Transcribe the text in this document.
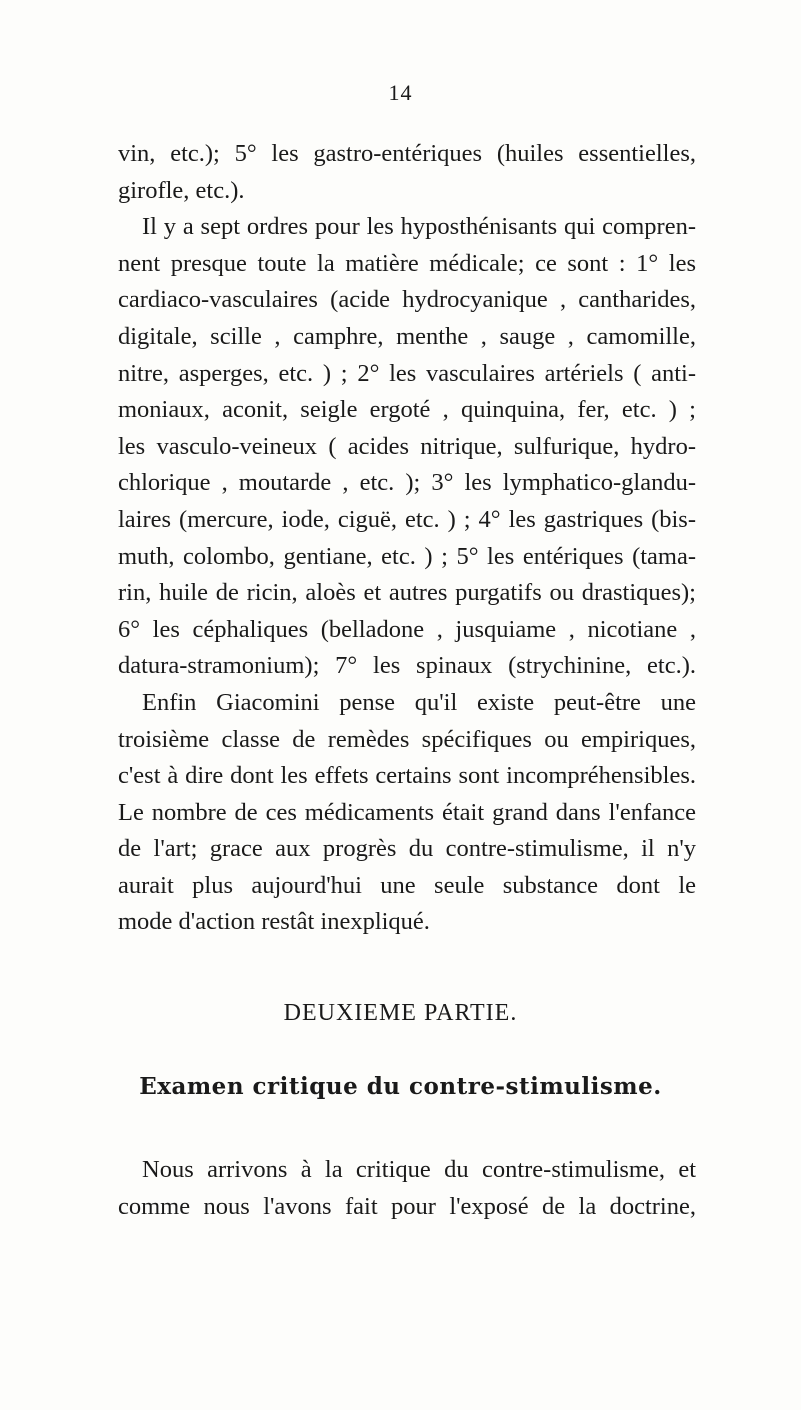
14
vin, etc.); 5° les gastro-entériques (huiles essentielles,
girofle, etc.).
Il y a sept ordres pour les hyposthénisants qui compren-
nent presque toute la matière médicale; ce sont : 1° les
cardiaco-vasculaires (acide hydrocyanique , cantharides,
digitale, scille , camphre, menthe , sauge , camomille,
nitre, asperges, etc. ) ; 2° les vasculaires artériels ( anti-
moniaux, aconit, seigle ergoté , quinquina, fer, etc. ) ;
les vasculo-veineux ( acides nitrique, sulfurique, hydro-
chlorique , moutarde , etc. ); 3° les lymphatico-glandu-
laires (mercure, iode, ciguë, etc. ) ; 4° les gastriques (bis-
muth, colombo, gentiane, etc. ) ; 5° les entériques (tama-
rin, huile de ricin, aloès et autres purgatifs ou drastiques);
6° les céphaliques (belladone , jusquiame , nicotiane ,
datura-stramonium); 7° les spinaux (strychinine, etc.).
Enfin Giacomini pense qu'il existe peut-être une
troisième classe de remèdes spécifiques ou empiriques,
c'est à dire dont les effets certains sont incompréhensibles.
Le nombre de ces médicaments était grand dans l'enfance
de l'art; grace aux progrès du contre-stimulisme, il n'y
aurait plus aujourd'hui une seule substance dont le
mode d'action restât inexpliqué.
DEUXIEME PARTIE.
Examen critique du contre-stimulisme.
Nous arrivons à la critique du contre-stimulisme, et
comme nous l'avons fait pour l'exposé de la doctrine,
